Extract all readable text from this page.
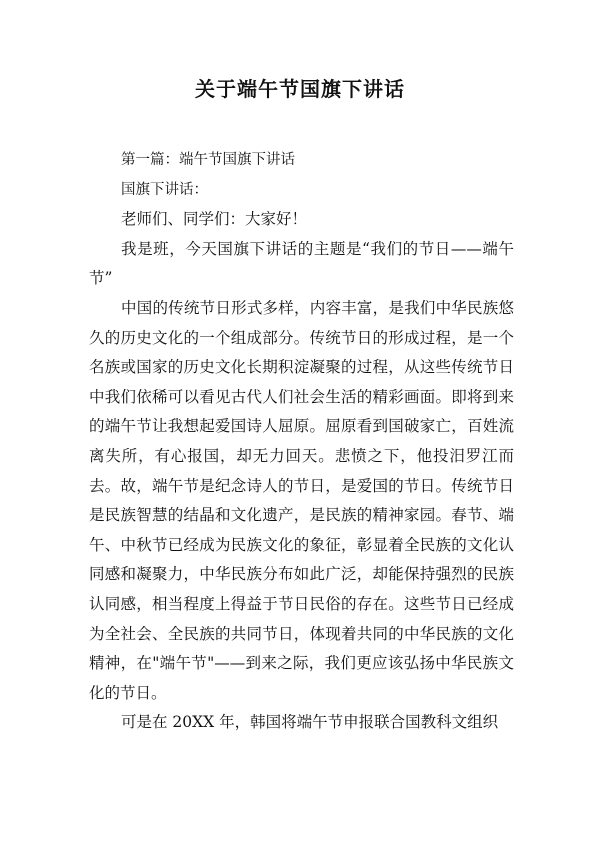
关于端午节国旗下讲话

第一篇：端午节国旗下讲话

国旗下讲话：

老师们、同学们：大家好！

我是班，今天国旗下讲话的主题是“我们的节日——端午节”

中国的传统节日形式多样，内容丰富，是我们中华民族悠久的历史文化的一个组成部分。传统节日的形成过程，是一个名族或国家的历史文化长期积淀凝聚的过程，从这些传统节日中我们依稀可以看见古代人们社会生活的精彩画面。即将到来的端午节让我想起爱国诗人屈原。屈原看到国破家亡，百姓流离失所，有心报国，却无力回天。悲愤之下，他投汨罗江而去。故，端午节是纪念诗人的节日，是爱国的节日。传统节日是民族智慧的结晶和文化遗产，是民族的精神家园。春节、端午、中秋节已经成为民族文化的象征，彰显着全民族的文化认同感和凝聚力，中华民族分布如此广泛，却能保持强烈的民族认同感，相当程度上得益于节日民俗的存在。这些节日已经成为全社会、全民族的共同节日，体现着共同的中华民族的文化精神，在"端午节"——到来之际，我们更应该弘扬中华民族文化的节日。

可是在 20XX 年，韩国将端午节申报联合国教科文组织
